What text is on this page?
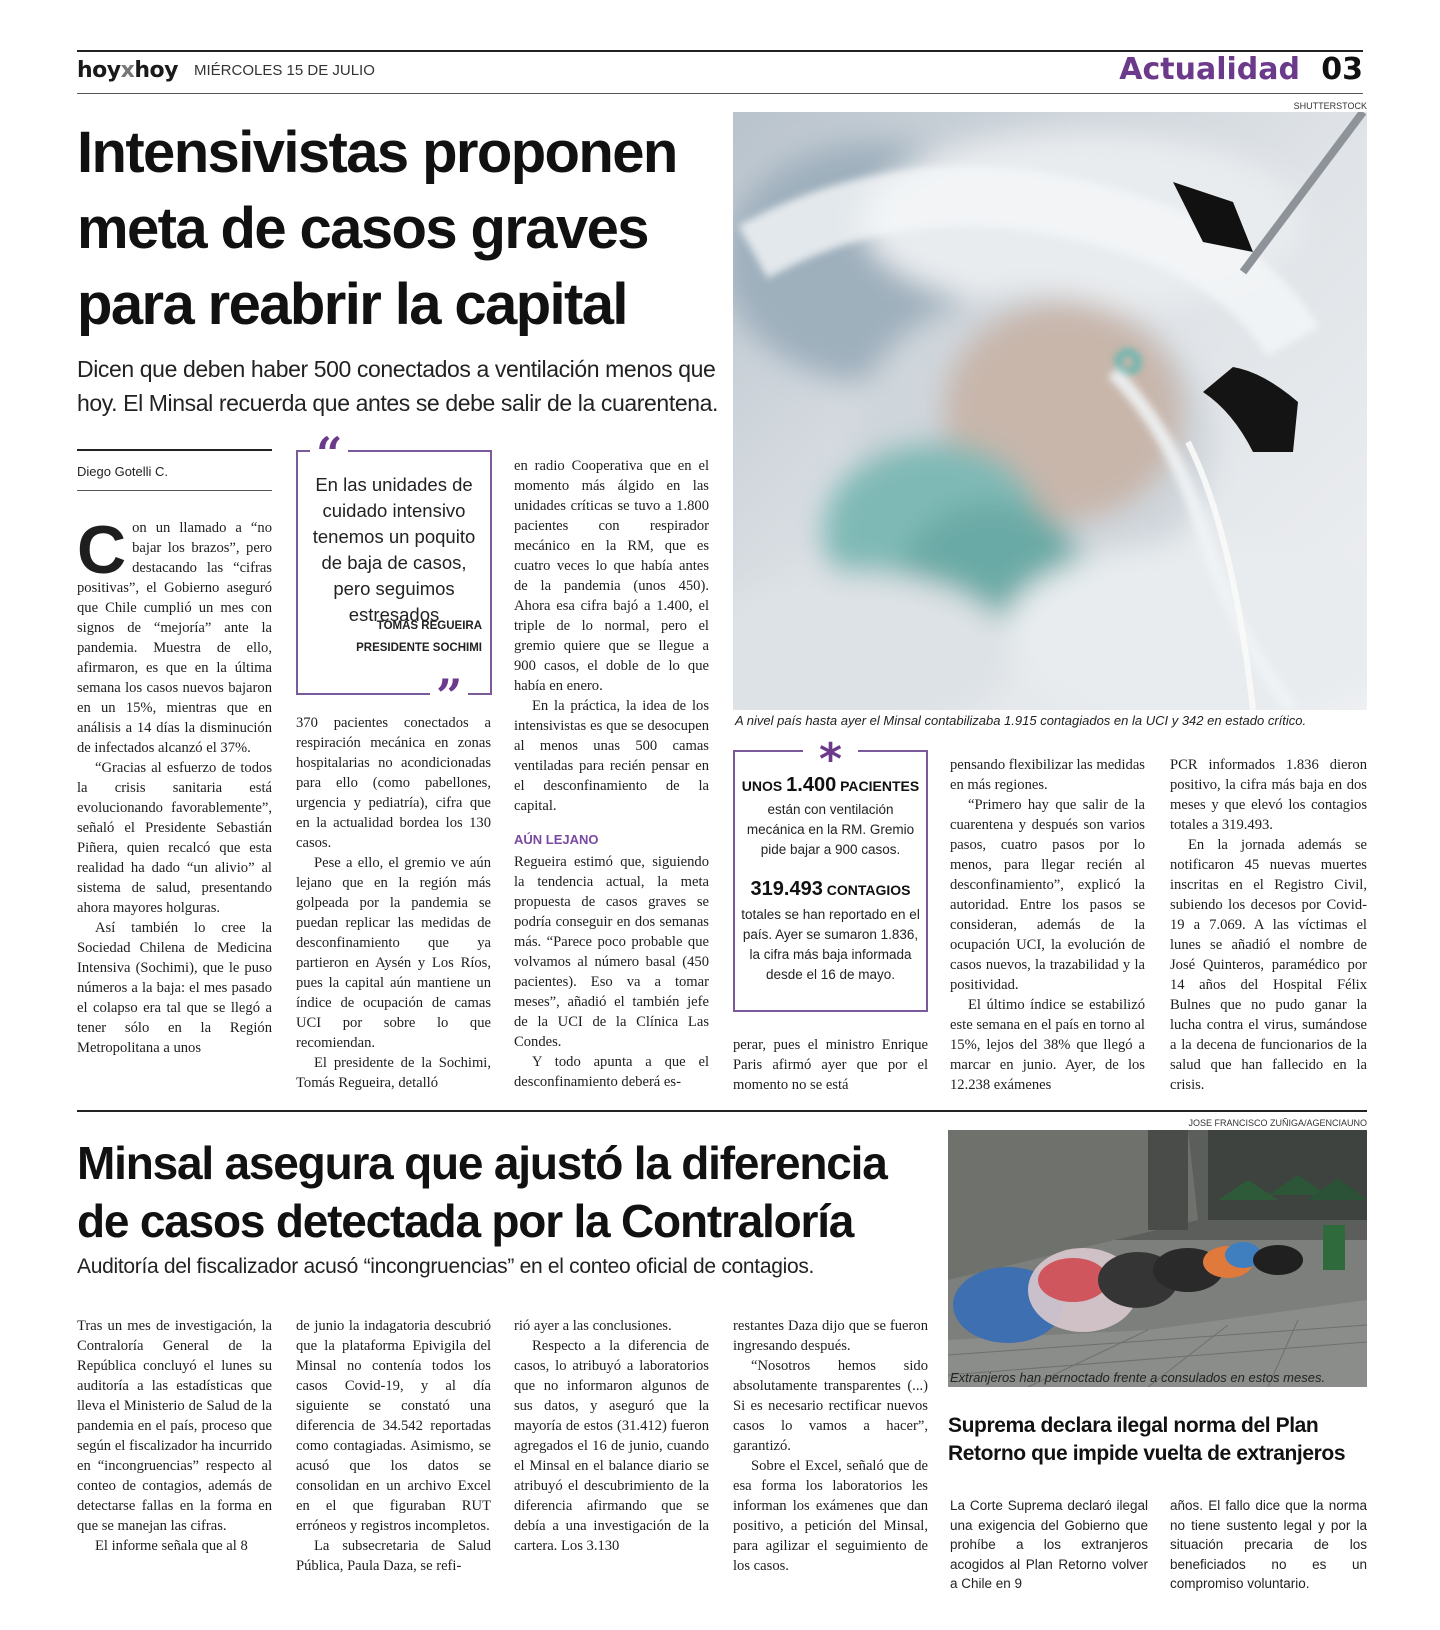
hoyxhoy MIÉRCOLES 15 DE JULIO	Actualidad 03
Intensivistas proponen meta de casos graves para reabrir la capital
Dicen que deben haber 500 conectados a ventilación menos que hoy. El Minsal recuerda que antes se debe salir de la cuarentena.
SHUTTERSTOCK
A nivel país hasta ayer el Minsal contabilizaba 1.915 contagiados en la UCI y 342 en estado crítico.
Diego Gotelli C.

Con un llamado a “no bajar los brazos”, pero destacando las “cifras positivas”, el Gobierno aseguró que Chile cumplió un mes con signos de “mejoría” ante la pandemia. Muestra de ello, afirmaron, es que en la última semana los casos nuevos bajaron en un 15%, mientras que en análisis a 14 días la disminución de infectados alcanzó el 37%.

“Gracias al esfuerzo de todos la crisis sanitaria está evolucionando favorablemente”, señaló el Presidente Sebastián Piñera, quien recalcó que esta realidad ha dado “un alivio” al sistema de salud, presentando ahora mayores holguras.

Así también lo cree la Sociedad Chilena de Medicina Intensiva (Sochimi), que le puso números a la baja: el mes pasado el colapso era tal que se llegó a tener sólo en la Región Metropolitana a unos

“
En las unidades de cuidado intensivo tenemos un poquito de baja de casos, pero seguimos estresados
TOMÁS REGUEIRA
PRESIDENTE SOCHIMI
”

370 pacientes conectados a respiración mecánica en zonas hospitalarias no acondicionadas para ello (como pabellones, urgencia y pediatría), cifra que en la actualidad bordea los 130 casos.

Pese a ello, el gremio ve aún lejano que en la región más golpeada por la pandemia se puedan replicar las medidas de desconfinamiento que ya partieron en Aysén y Los Ríos, pues la capital aún mantiene un índice de ocupación de camas UCI por sobre lo que recomiendan.

El presidente de la Sochimi, Tomás Regueira, detalló

en radio Cooperativa que en el momento más álgido en las unidades críticas se tuvo a 1.800 pacientes con respirador mecánico en la RM, que es cuatro veces lo que había antes de la pandemia (unos 450). Ahora esa cifra bajó a 1.400, el triple de lo normal, pero el gremio quiere que se llegue a 900 casos, el doble de lo que había en enero.

En la práctica, la idea de los intensivistas es que se desocupen al menos unas 500 camas ventiladas para recién pensar en el desconfinamiento de la capital.

AÚN LEJANO

Regueira estimó que, siguiendo la tendencia actual, la meta propuesta de casos graves se podría conseguir en dos semanas más. “Parece poco probable que volvamos al número basal (450 pacientes). Eso va a tomar meses”, añadió el también jefe de la UCI de la Clínica Las Condes.

Y todo apunta a que el desconfinamiento deberá es-

*
UNOS 1.400 PACIENTES
están con ventilación mecánica en la RM. Gremio pide bajar a 900 casos.
319.493 CONTAGIOS
totales se han reportado en el país. Ayer se sumaron 1.836, la cifra más baja informada desde el 16 de mayo.

perar, pues el ministro Enrique Paris afirmó ayer que por el momento no se está

pensando flexibilizar las medidas en más regiones.

“Primero hay que salir de la cuarentena y después son varios pasos, cuatro pasos por lo menos, para llegar recién al desconfinamiento”, explicó la autoridad. Entre los pasos se consideran, además de la ocupación UCI, la evolución de casos nuevos, la trazabilidad y la positividad.

El último índice se estabilizó este semana en el país en torno al 15%, lejos del 38% que llegó a marcar en junio. Ayer, de los 12.238 exámenes

PCR informados 1.836 dieron positivo, la cifra más baja en dos meses y que elevó los contagios totales a 319.493.

En la jornada además se notificaron 45 nuevas muertes inscritas en el Registro Civil, subiendo los decesos por Covid-19 a 7.069. A las víctimas el lunes se añadió el nombre de José Quinteros, paramédico por 14 años del Hospital Félix Bulnes que no pudo ganar la lucha contra el virus, sumándose a la decena de funcionarios de la salud que han fallecido en la crisis.

Minsal asegura que ajustó la diferencia de casos detectada por la Contraloría
Auditoría del fiscalizador acusó “incongruencias” en el conteo oficial de contagios.

Tras un mes de investigación, la Contraloría General de la República concluyó el lunes su auditoría a las estadísticas que lleva el Ministerio de Salud de la pandemia en el país, proceso que según el fiscalizador ha incurrido en “incongruencias” respecto al conteo de contagios, además de detectarse fallas en la forma en que se manejan las cifras.

El informe señala que al 8

de junio la indagatoria descubrió que la plataforma Epivigila del Minsal no contenía todos los casos Covid-19, y al día siguiente se constató una diferencia de 34.542 reportadas como contagiadas. Asimismo, se acusó que los datos se consolidan en un archivo Excel en el que figuraban RUT erróneos y registros incompletos.

La subsecretaria de Salud Pública, Paula Daza, se refi-

rió ayer a las conclusiones.

Respecto a la diferencia de casos, lo atribuyó a laboratorios que no informaron algunos de sus datos, y aseguró que la mayoría de estos (31.412) fueron agregados el 16 de junio, cuando el Minsal en el balance diario se atribuyó el descubrimiento de la diferencia afirmando que se debía a una investigación de la cartera. Los 3.130

restantes Daza dijo que se fueron ingresando después.

“Nosotros hemos sido absolutamente transparentes (...) Si es necesario rectificar nuevos casos lo vamos a hacer”, garantizó.

Sobre el Excel, señaló que de esa forma los laboratorios les informan los exámenes que dan positivo, a petición del Minsal, para agilizar el seguimiento de los casos.

JOSE FRANCISCO ZUÑIGA/AGENCIAUNO
Extranjeros han pernoctado frente a consulados en estos meses.
Suprema declara ilegal norma del Plan Retorno que impide vuelta de extranjeros
La Corte Suprema declaró ilegal una exigencia del Gobierno que prohíbe a los extranjeros acogidos al Plan Retorno volver a Chile en 9
años. El fallo dice que la norma no tiene sustento legal y por la situación precaria de los beneficiados no es un compromiso voluntario.
